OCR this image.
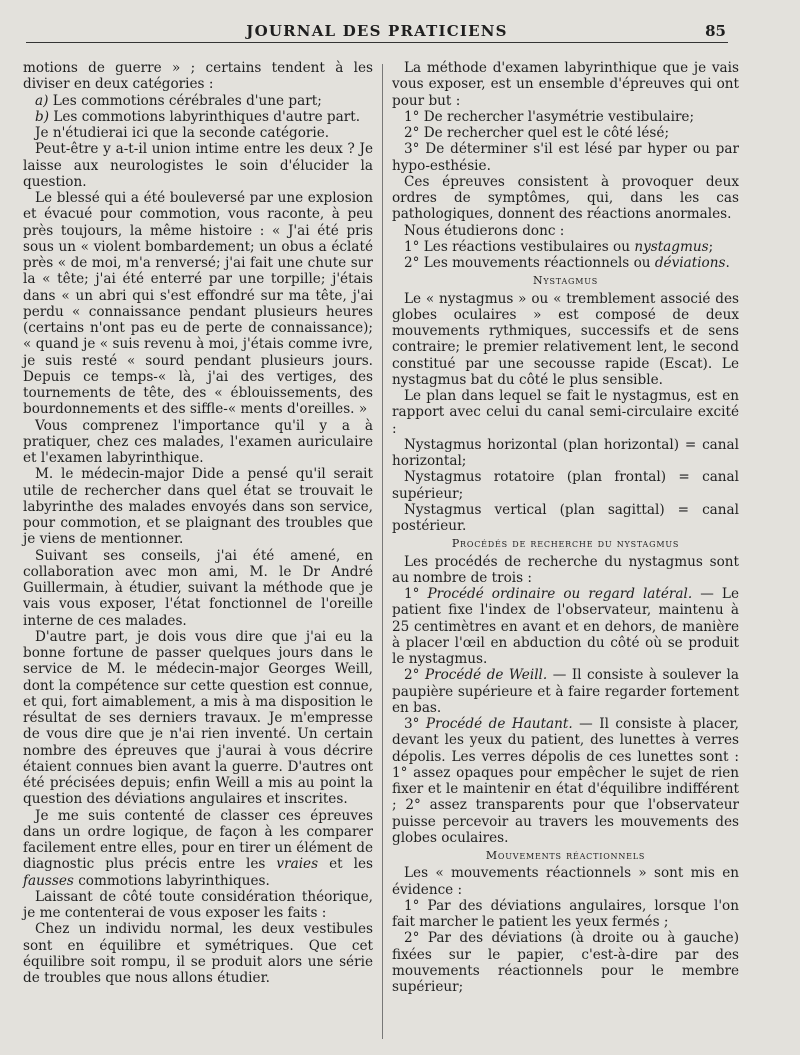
JOURNAL DES PRATICIENS	85

motions de guerre » ; certains tendent à les diviser en deux catégories :

a) Les commotions cérébrales d'une part;

b) Les commotions labyrinthiques d'autre part.

Je n'étudierai ici que la seconde catégorie.

Peut-être y a-t-il union intime entre les deux ? Je laisse aux neurologistes le soin d'élucider la question.

Le blessé qui a été bouleversé par une explosion et évacué pour commotion, vous raconte, à peu près toujours, la même histoire : « J'ai été pris sous un « violent bombardement; un obus a éclaté près « de moi, m'a renversé; j'ai fait une chute sur la « tête; j'ai été enterré par une torpille; j'étais dans « un abri qui s'est effondré sur ma tête, j'ai perdu « connaissance pendant plusieurs heures (certains n'ont pas eu de perte de connaissance); « quand je « suis revenu à moi, j'étais comme ivre, je suis resté « sourd pendant plusieurs jours. Depuis ce temps-« là, j'ai des vertiges, des tournements de tête, des « éblouissements, des bourdonnements et des siffle-« ments d'oreilles. »

Vous comprenez l'importance qu'il y a à pratiquer, chez ces malades, l'examen auriculaire et l'examen labyrinthique.

M. le médecin-major Dide a pensé qu'il serait utile de rechercher dans quel état se trouvait le labyrinthe des malades envoyés dans son service, pour commotion, et se plaignant des troubles que je viens de mentionner.

Suivant ses conseils, j'ai été amené, en collaboration avec mon ami, M. le Dr André Guillermain, à étudier, suivant la méthode que je vais vous exposer, l'état fonctionnel de l'oreille interne de ces malades.

D'autre part, je dois vous dire que j'ai eu la bonne fortune de passer quelques jours dans le service de M. le médecin-major Georges Weill, dont la compétence sur cette question est connue, et qui, fort aimablement, a mis à ma disposition le résultat de ses derniers travaux. Je m'empresse de vous dire que je n'ai rien inventé. Un certain nombre des épreuves que j'aurai à vous décrire étaient connues bien avant la guerre. D'autres ont été précisées depuis; enfin Weill a mis au point la question des déviations angulaires et inscrites.

Je me suis contenté de classer ces épreuves dans un ordre logique, de façon à les comparer facilement entre elles, pour en tirer un élément de diagnostic plus précis entre les vraies et les fausses commotions labyrinthiques.

Laissant de côté toute considération théorique, je me contenterai de vous exposer les faits :

Chez un individu normal, les deux vestibules sont en équilibre et symétriques. Que cet équilibre soit rompu, il se produit alors une série de troubles que nous allons étudier.

La méthode d'examen labyrinthique que je vais vous exposer, est un ensemble d'épreuves qui ont pour but :

1° De rechercher l'asymétrie vestibulaire;

2° De rechercher quel est le côté lésé;

3° De déterminer s'il est lésé par hyper ou par hypo-esthésie.

Ces épreuves consistent à provoquer deux ordres de symptômes, qui, dans les cas pathologiques, donnent des réactions anormales.

Nous étudierons donc :

1° Les réactions vestibulaires ou nystagmus;

2° Les mouvements réactionnels ou déviations.

Nystagmus

Le « nystagmus » ou « tremblement associé des globes oculaires » est composé de deux mouvements rythmiques, successifs et de sens contraire; le premier relativement lent, le second constitué par une secousse rapide (Escat). Le nystagmus bat du côté le plus sensible.

Le plan dans lequel se fait le nystagmus, est en rapport avec celui du canal semi-circulaire excité :

Nystagmus horizontal (plan horizontal) = canal horizontal;

Nystagmus rotatoire (plan frontal) = canal supérieur;

Nystagmus vertical (plan sagittal) = canal postérieur.

Procédés de recherche du nystagmus

Les procédés de recherche du nystagmus sont au nombre de trois :

1° Procédé ordinaire ou regard latéral. — Le patient fixe l'index de l'observateur, maintenu à 25 centimètres en avant et en dehors, de manière à placer l'œil en abduction du côté où se produit le nystagmus.

2° Procédé de Weill. — Il consiste à soulever la paupière supérieure et à faire regarder fortement en bas.

3° Procédé de Hautant. — Il consiste à placer, devant les yeux du patient, des lunettes à verres dépolis. Les verres dépolis de ces lunettes sont : 1° assez opaques pour empêcher le sujet de rien fixer et le maintenir en état d'équilibre indifférent ; 2° assez transparents pour que l'observateur puisse percevoir au travers les mouvements des globes oculaires.

Mouvements réactionnels

Les « mouvements réactionnels » sont mis en évidence :

1° Par des déviations angulaires, lorsque l'on fait marcher le patient les yeux fermés ;

2° Par des déviations (à droite ou à gauche) fixées sur le papier, c'est-à-dire par des mouvements réactionnels pour le membre supérieur;
